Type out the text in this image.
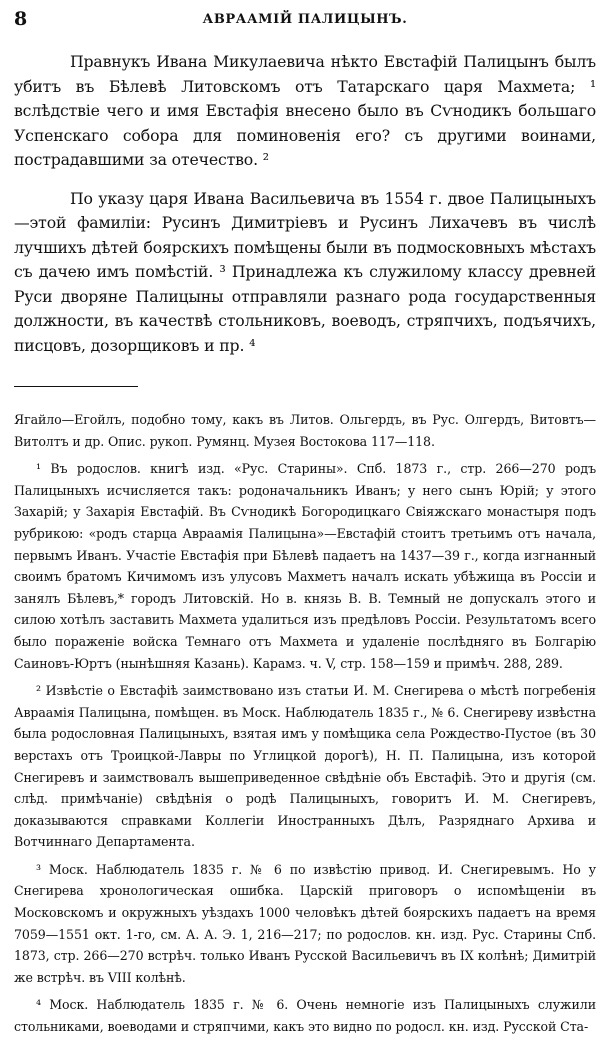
8	АВРААМІЙ ПАЛИЦЫНЪ.

Правнукъ Ивана Микулаевича нѣкто Евстафій Палицынъ былъ убитъ въ Бѣлевѣ Литовскомъ отъ Татарскаго царя Махмета; ¹ вслѣдствіе чего и имя Евстафія внесено было въ Сѵнодикъ большаго Успенскаго собора для поминовенія его? съ другими воинами, пострадавшими за отечество. ²

По указу царя Ивана Васильевича въ 1554 г. двое Палицыныхъ—этой фамиліи: Русинъ Димитріевъ и Русинъ Лихачевъ въ числѣ лучшихъ дѣтей боярскихъ помѣщены были въ подмосковныхъ мѣстахъ съ дачею имъ помѣстій. ³ Принадлежа къ служилому классу древней Руси дворяне Палицыны отправляли разнаго рода государственныя должности, въ качествѣ стольниковъ, воеводъ, стряпчихъ, подъячихъ, писцовъ, дозорщиковъ и пр. ⁴

Ягайло—Егойлъ, подобно тому, какъ въ Литов. Ольгердъ, въ Рус. Олгердъ, Витовтъ—Витолтъ и др. Опис. рукоп. Румянц. Музея Востокова 117—118.

¹ Въ родослов. книгѣ изд. «Рус. Старины». Спб. 1873 г., стр. 266—270 родъ Палицыныхъ исчисляется такъ: родоначальникъ Иванъ; у него сынъ Юрій; у этого Захарій; у Захарія Евстафій. Въ Сѵнодикѣ Богородицкаго Свіяжскаго монастыря подъ рубрикою: «родъ старца Авраамія Палицына»—Евстафій стоитъ третьимъ отъ начала, первымъ Иванъ. Участіе Евстафія при Бѣлевѣ падаетъ на 1437—39 г., когда изгнанный своимъ братомъ Кичимомъ изъ улусовъ Махметъ началъ искать убѣжища въ Россіи и занялъ Бѣлевъ,* городъ Литовскій. Но в. князь В. В. Темный не допускалъ этого и силою хотѣлъ заставить Махмета удалиться изъ предѣловъ Россіи. Результатомъ всего было пораженіе войска Темнаго отъ Махмета и удаленіе послѣдняго въ Болгарію Саиновъ-Юртъ (нынѣшняя Казань). Карамз. ч. V, стр. 158—159 и примѣч. 288, 289.

² Извѣстіе о Евстафіѣ заимствовано изъ статьи И. М. Снегирева о мѣстѣ погребенія Авраамія Палицына, помѣщен. въ Моск. Наблюдатель 1835 г., № 6. Снегиреву извѣстна была родословная Палицыныхъ, взятая имъ у помѣщика села Рождество-Пустое (въ 30 верстахъ отъ Троицкой-Лавры по Углицкой дорогѣ), Н. П. Палицына, изъ которой Снегиревъ и заимствовалъ вышеприведенное свѣдѣніе объ Евстафіѣ. Это и другія (см. слѣд. примѣчаніе) свѣдѣнія о родѣ Палицыныхъ, говоритъ И. М. Снегиревъ, доказываются справками Коллегіи Иностранныхъ Дѣлъ, Разряднаго Архива и Вотчиннаго Департамента.

³ Моск. Наблюдатель 1835 г. № 6 по извѣстію привод. И. Снегиревымъ. Но у Снегирева хронологическая ошибка. Царскій приговоръ о испомѣщеніи въ Московскомъ и окружныхъ уѣздахъ 1000 человѣкъ дѣтей боярскихъ падаетъ на время 7059—1551 окт. 1-го, см. А. А. Э. 1, 216—217; по родослов. кн. изд. Рус. Старины Спб. 1873, стр. 266—270 встрѣч. только Иванъ Русской Васильевичъ въ IX колѣнѣ; Димитрій же встрѣч. въ VIII колѣнѣ.

⁴ Моск. Наблюдатель 1835 г. № 6. Очень немногіе изъ Палицыныхъ служили стольниками, воеводами и стряпчими, какъ это видно по родосл. кн. изд. Русской Ста-
